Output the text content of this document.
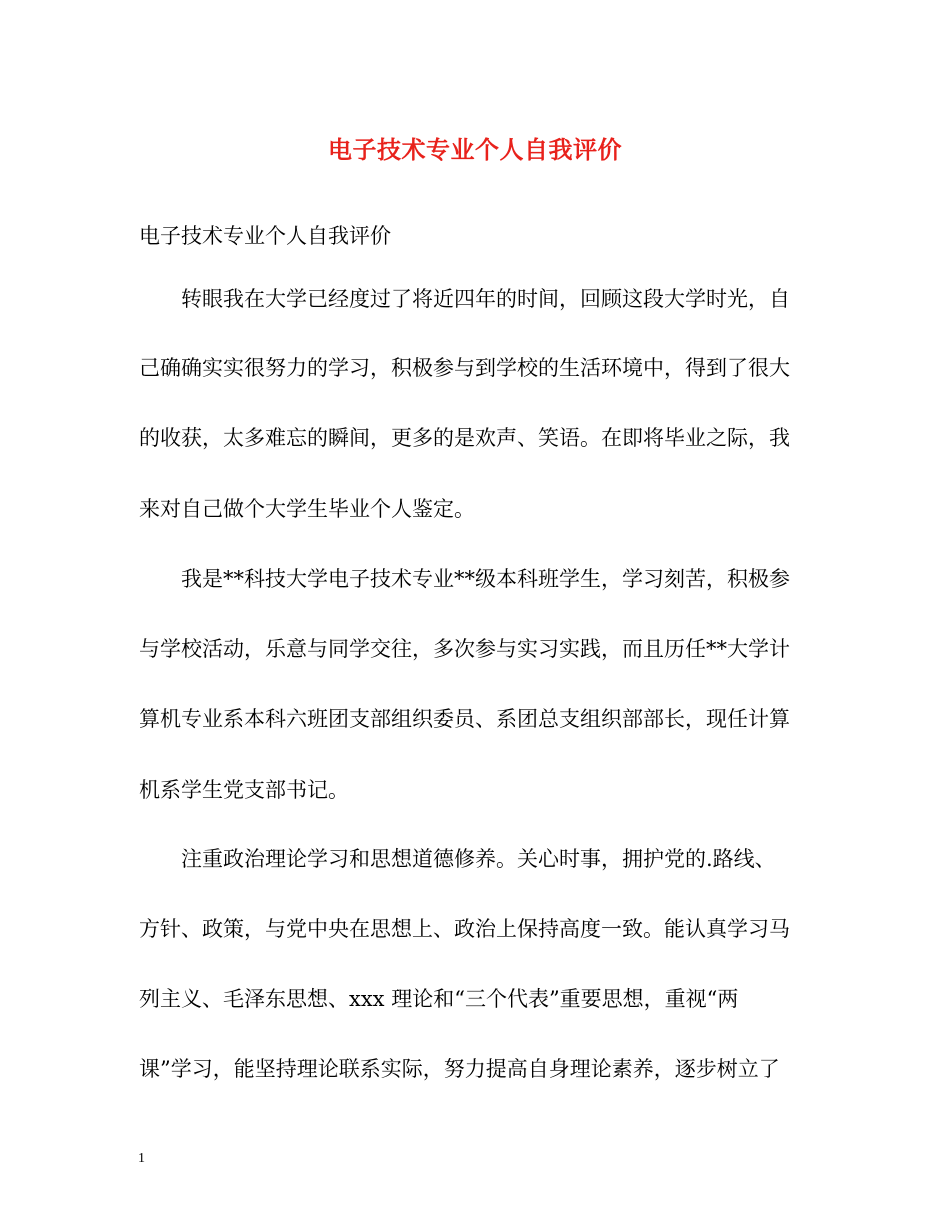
电子技术专业个人自我评价
电子技术专业个人自我评价
转眼我在大学已经度过了将近四年的时间，回顾这段大学时光，自
己确确实实很努力的学习，积极参与到学校的生活环境中，得到了很大
的收获，太多难忘的瞬间，更多的是欢声、笑语。在即将毕业之际，我
来对自己做个大学生毕业个人鉴定。
我是**科技大学电子技术专业**级本科班学生，学习刻苦，积极参
与学校活动，乐意与同学交往，多次参与实习实践，而且历任**大学计
算机专业系本科六班团支部组织委员、系团总支组织部部长，现任计算
机系学生党支部书记。
注重政治理论学习和思想道德修养。关心时事，拥护党的.路线、
方针、政策，与党中央在思想上、政治上保持高度一致。能认真学习马
列主义、毛泽东思想、xxx 理论和“三个代表”重要思想，重视“两
课”学习，能坚持理论联系实际，努力提高自身理论素养，逐步树立了
1
